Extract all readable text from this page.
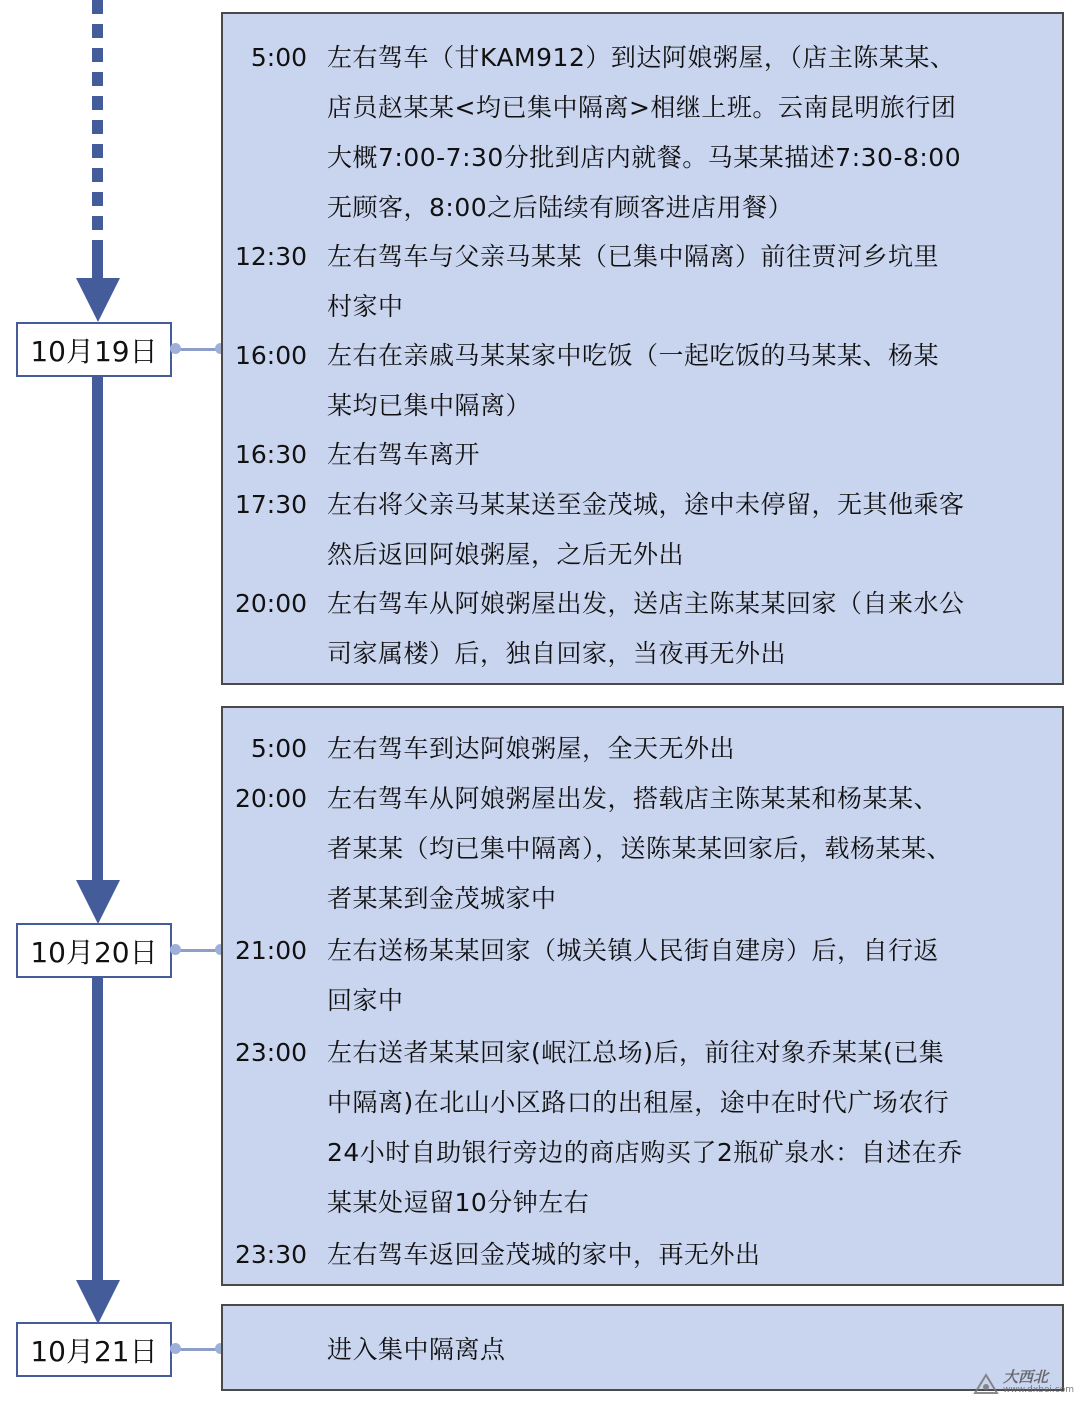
10月19日
10月20日
10月21日
5:00 左右驾车（甘KAM912）到达阿娘粥屋，（店主陈某某、
店员赵某某<均已集中隔离>相继上班。云南昆明旅行团
大概7:00-7:30分批到店内就餐。马某某描述7:30-8:00
无顾客，8:00之后陆续有顾客进店用餐）
12:30 左右驾车与父亲马某某（已集中隔离）前往贾河乡坑里
村家中
16:00 左右在亲戚马某某家中吃饭（一起吃饭的马某某、杨某
某均已集中隔离）
16:30 左右驾车离开
17:30 左右将父亲马某某送至金茂城，途中未停留，无其他乘客
然后返回阿娘粥屋，之后无外出
20:00 左右驾车从阿娘粥屋出发，送店主陈某某回家（自来水公
司家属楼）后，独自回家，当夜再无外出
5:00 左右驾车到达阿娘粥屋，全天无外出
20:00 左右驾车从阿娘粥屋出发，搭载店主陈某某和杨某某、
者某某（均已集中隔离），送陈某某回家后，载杨某某、
者某某到金茂城家中
21:00 左右送杨某某回家（城关镇人民街自建房）后，自行返
回家中
23:00 左右送者某某回家(岷江总场)后，前往对象乔某某(已集
中隔离)在北山小区路口的出租屋，途中在时代广场农行
24小时自助银行旁边的商店购买了2瓶矿泉水：自述在乔
某某处逗留10分钟左右
23:30 左右驾车返回金茂城的家中，再无外出
进入集中隔离点
大西北
www.dxbei.com
